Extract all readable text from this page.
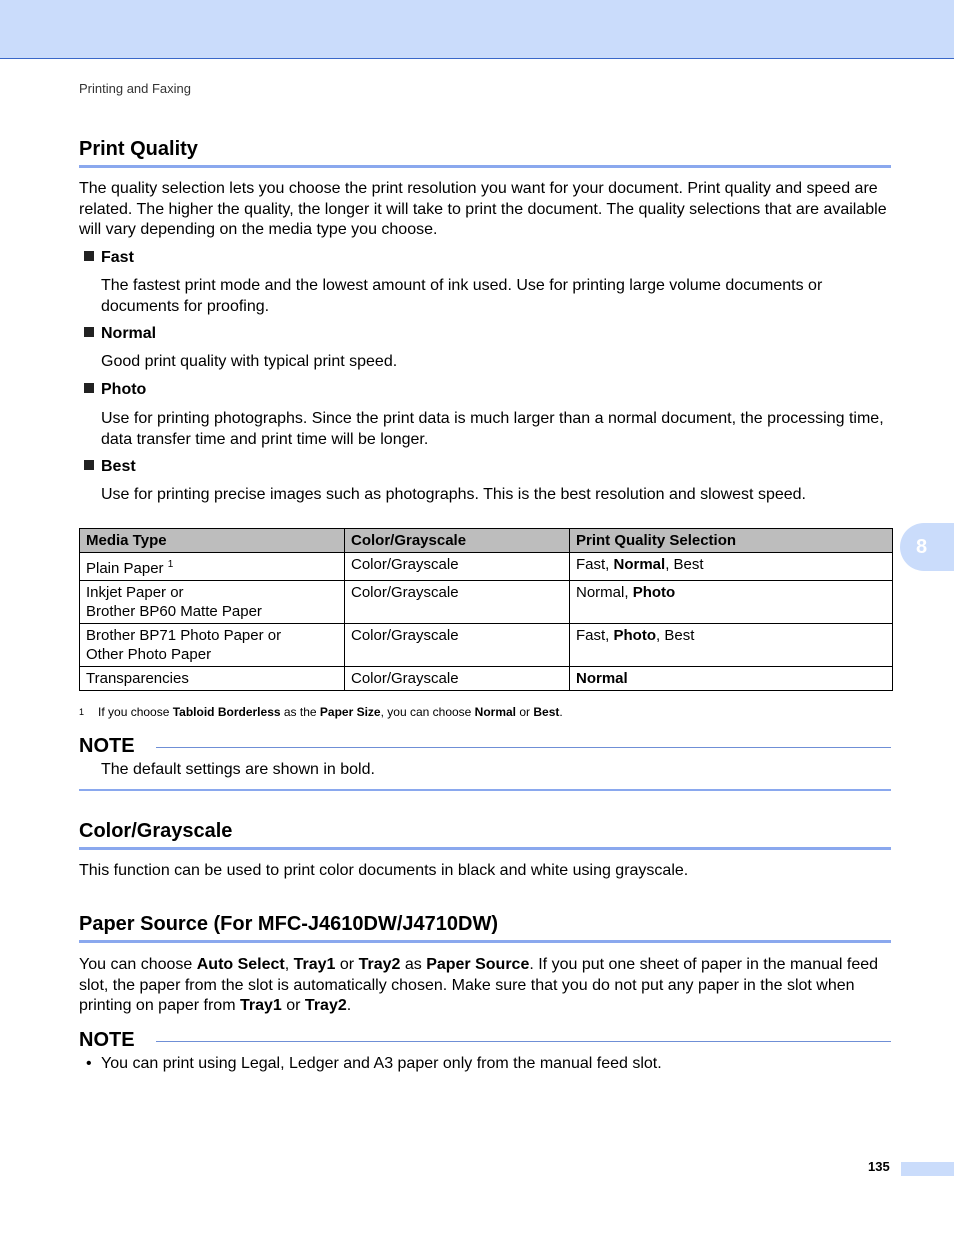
Printing and Faxing
Print Quality
The quality selection lets you choose the print resolution you want for your document. Print quality and speed are related. The higher the quality, the longer it will take to print the document. The quality selections that are available will vary depending on the media type you choose.
Fast
The fastest print mode and the lowest amount of ink used. Use for printing large volume documents or documents for proofing.
Normal
Good print quality with typical print speed.
Photo
Use for printing photographs. Since the print data is much larger than a normal document, the processing time, data transfer time and print time will be longer.
Best
Use for printing precise images such as photographs. This is the best resolution and slowest speed.
Media Type	Color/Grayscale	Print Quality Selection
Plain Paper $^1$	Color/Grayscale	Fast, Normal, Best

Inkjet Paper or
Brother BP60 Matte Paper	Color/Grayscale	Normal, Photo

Brother BP71 Photo Paper or
Other Photo Paper	Color/Grayscale	Fast, Photo, Best
Transparencies	Color/Grayscale	Normal
$^1$ If you choose Tabloid Borderless as the Paper Size, you can choose Normal or Best.
NOTE
The default settings are shown in bold.
Color/Grayscale
This function can be used to print color documents in black and white using grayscale.
Paper Source (For MFC-J4610DW/J4710DW)
You can choose Auto Select, Tray1 or Tray2 as Paper Source. If you put one sheet of paper in the manual feed slot, the paper from the slot is automatically chosen. Make sure that you do not put any paper in the slot when printing on paper from Tray1 or Tray2.
NOTE
• You can print using Legal, Ledger and A3 paper only from the manual feed slot.
8
135
